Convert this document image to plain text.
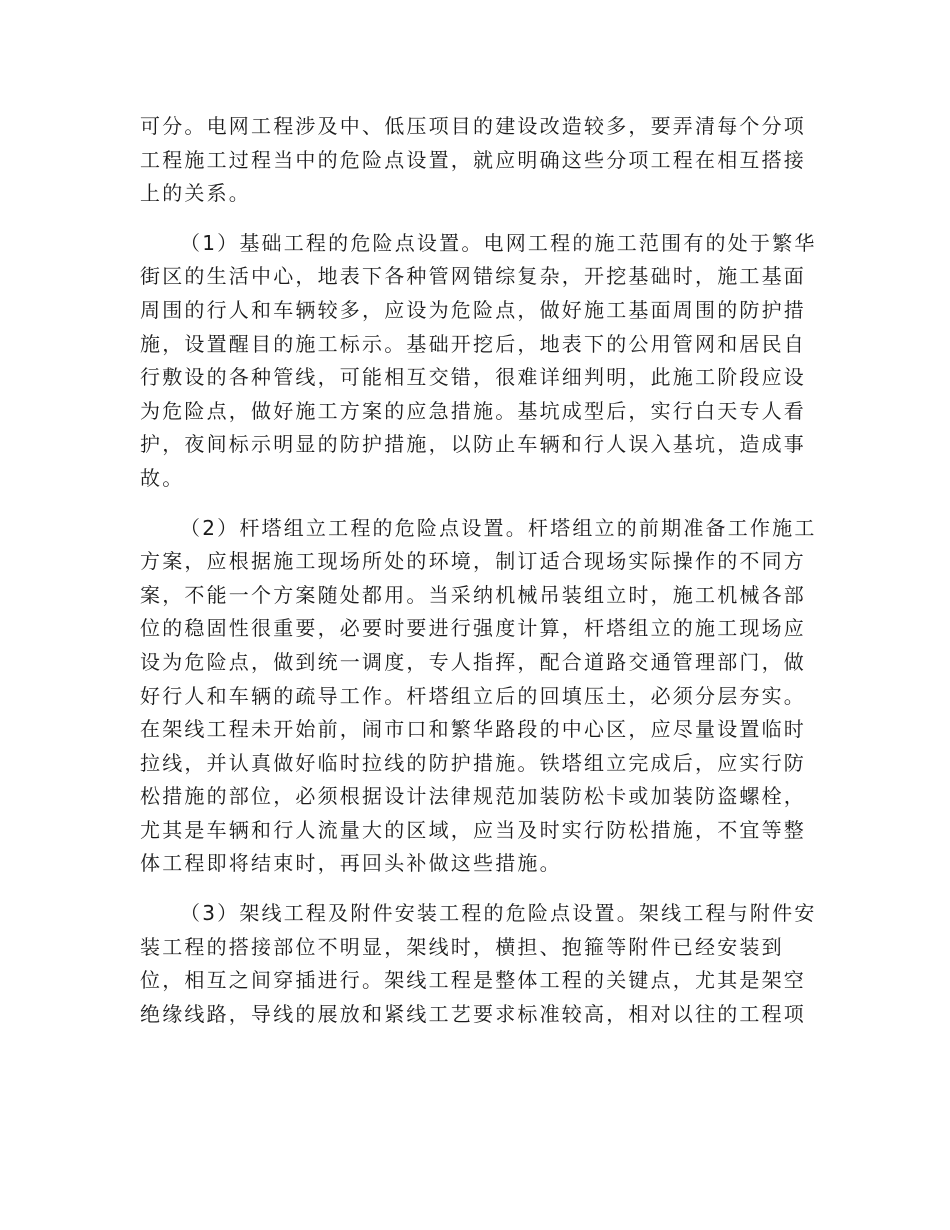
可分。电网工程涉及中、低压项目的建设改造较多，要弄清每个分项
工程施工过程当中的危险点设置，就应明确这些分项工程在相互搭接
上的关系。
（1）基础工程的危险点设置。电网工程的施工范围有的处于繁华
街区的生活中心，地表下各种管网错综复杂，开挖基础时，施工基面
周围的行人和车辆较多，应设为危险点，做好施工基面周围的防护措
施，设置醒目的施工标示。基础开挖后，地表下的公用管网和居民自
行敷设的各种管线，可能相互交错，很难详细判明，此施工阶段应设
为危险点，做好施工方案的应急措施。基坑成型后，实行白天专人看
护，夜间标示明显的防护措施，以防止车辆和行人误入基坑，造成事
故。
（2）杆塔组立工程的危险点设置。杆塔组立的前期准备工作施工
方案，应根据施工现场所处的环境，制订适合现场实际操作的不同方
案，不能一个方案随处都用。当采纳机械吊装组立时，施工机械各部
位的稳固性很重要，必要时要进行强度计算，杆塔组立的施工现场应
设为危险点，做到统一调度，专人指挥，配合道路交通管理部门，做
好行人和车辆的疏导工作。杆塔组立后的回填压土，必须分层夯实。
在架线工程未开始前，闹市口和繁华路段的中心区，应尽量设置临时
拉线，并认真做好临时拉线的防护措施。铁塔组立完成后，应实行防
松措施的部位，必须根据设计法律规范加装防松卡或加装防盗螺栓，
尤其是车辆和行人流量大的区域，应当及时实行防松措施，不宜等整
体工程即将结束时，再回头补做这些措施。
（3）架线工程及附件安装工程的危险点设置。架线工程与附件安
装工程的搭接部位不明显，架线时，横担、抱箍等附件已经安装到
位，相互之间穿插进行。架线工程是整体工程的关键点，尤其是架空
绝缘线路，导线的展放和紧线工艺要求标准较高，相对以往的工程项
